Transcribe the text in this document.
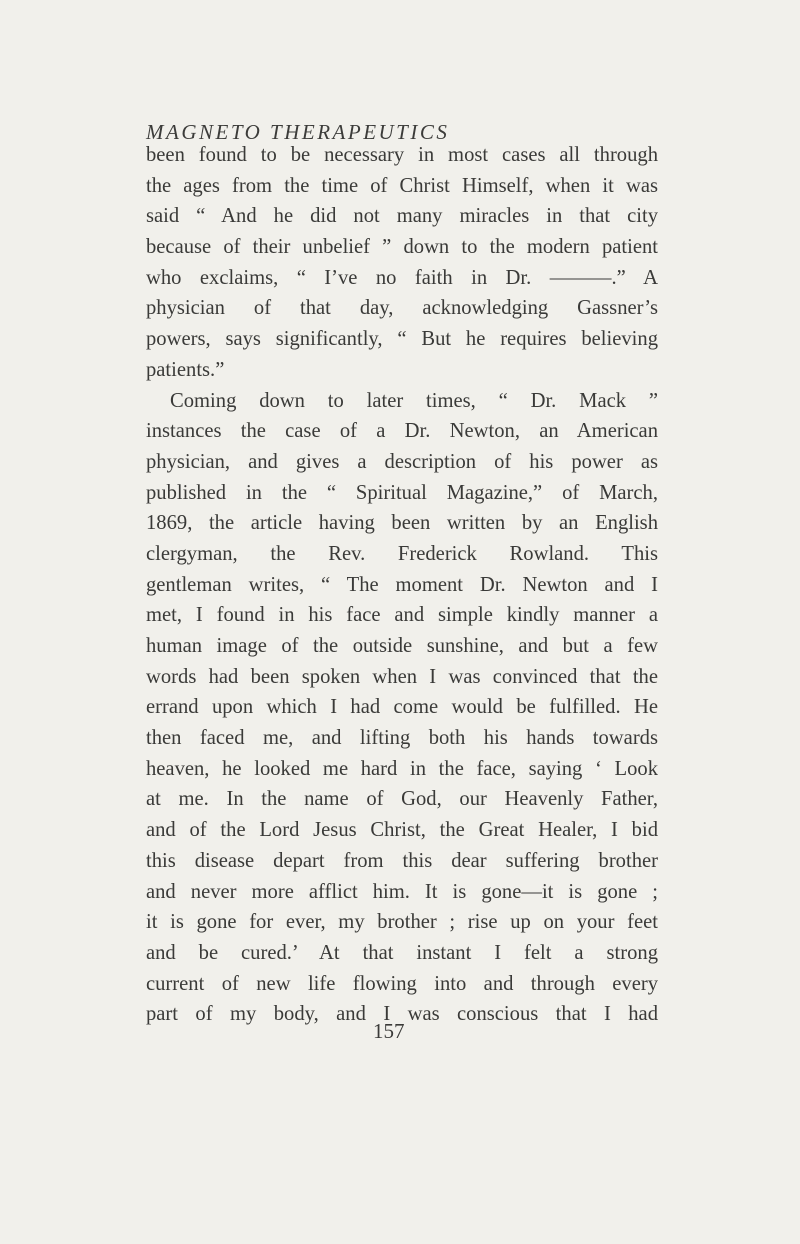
MAGNETO THERAPEUTICS
been found to be necessary in most cases all through
the ages from the time of Christ Himself, when it was
said “ And he did not many miracles in that city
because of their unbelief ” down to the modern patient
who exclaims, “ I’ve no faith in Dr. ———.” A
physician of that day, acknowledging Gassner’s
powers, says significantly, “ But he requires believing
patients.”
Coming down to later times, “ Dr. Mack ”
instances the case of a Dr. Newton, an American
physician, and gives a description of his power as
published in the “ Spiritual Magazine,” of March,
1869, the article having been written by an English
clergyman, the Rev. Frederick Rowland. This
gentleman writes, “ The moment Dr. Newton and I
met, I found in his face and simple kindly manner a
human image of the outside sunshine, and but a few
words had been spoken when I was convinced that the
errand upon which I had come would be fulfilled. He
then faced me, and lifting both his hands towards
heaven, he looked me hard in the face, saying ‘ Look
at me. In the name of God, our Heavenly Father,
and of the Lord Jesus Christ, the Great Healer, I bid
this disease depart from this dear suffering brother
and never more afflict him. It is gone—it is gone ;
it is gone for ever, my brother ; rise up on your feet
and be cured.’ At that instant I felt a strong
current of new life flowing into and through every
part of my body, and I was conscious that I had
157
